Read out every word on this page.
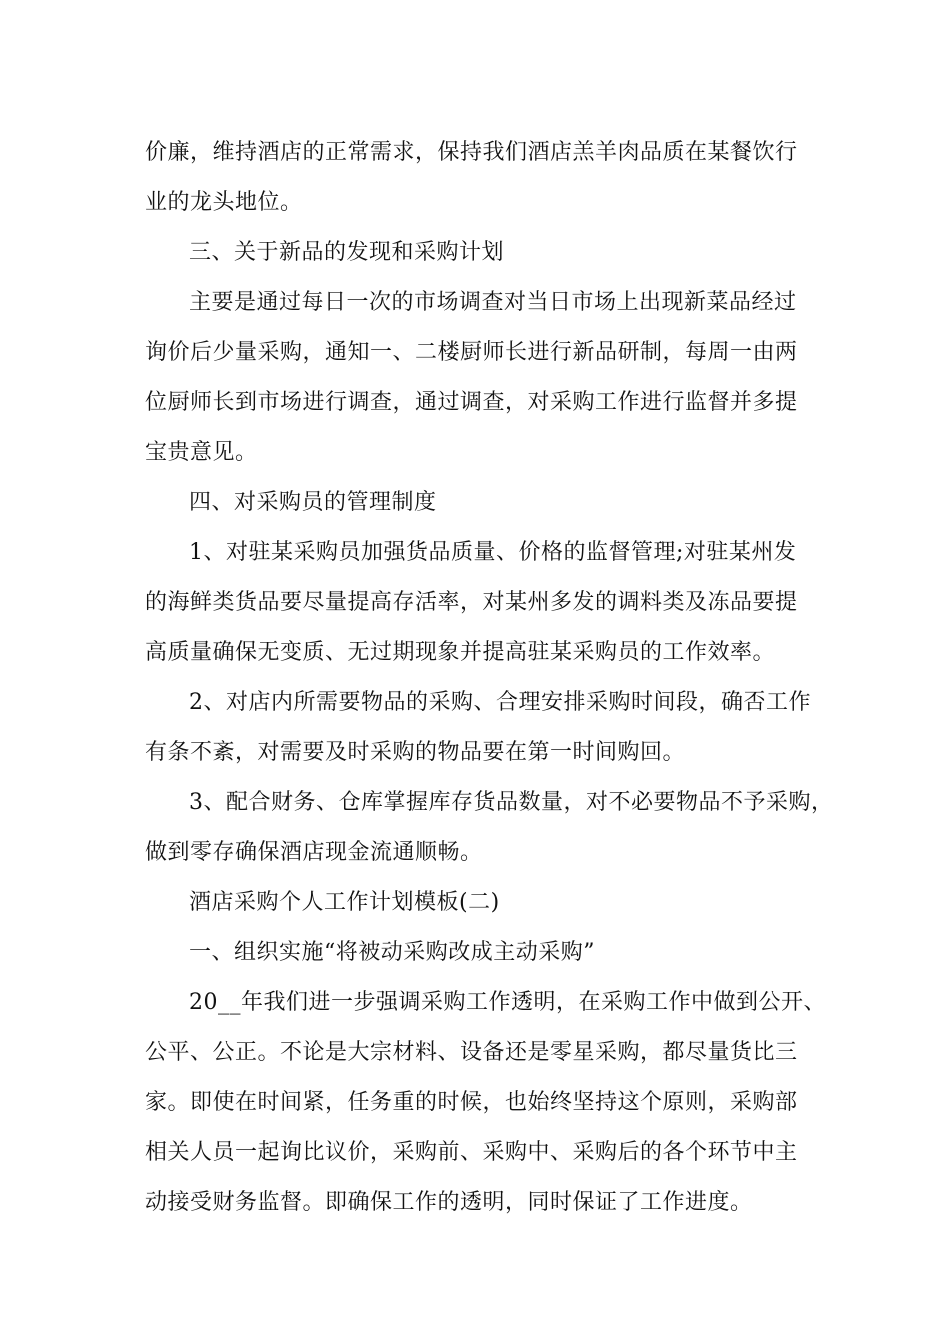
价廉，维持酒店的正常需求，保持我们酒店羔羊肉品质在某餐饮行
业的龙头地位。
三、关于新品的发现和采购计划
主要是通过每日一次的市场调查对当日市场上出现新菜品经过
询价后少量采购，通知一、二楼厨师长进行新品研制，每周一由两
位厨师长到市场进行调查，通过调查，对采购工作进行监督并多提
宝贵意见。
四、对采购员的管理制度
1、对驻某采购员加强货品质量、价格的监督管理;对驻某州发
的海鲜类货品要尽量提高存活率，对某州多发的调料类及冻品要提
高质量确保无变质、无过期现象并提高驻某采购员的工作效率。
2、对店内所需要物品的采购、合理安排采购时间段，确否工作
有条不紊，对需要及时采购的物品要在第一时间购回。
3、配合财务、仓库掌握库存货品数量，对不必要物品不予采购，
做到零存确保酒店现金流通顺畅。
酒店采购个人工作计划模板(二)
一、组织实施“将被动采购改成主动采购”
20__年我们进一步强调采购工作透明，在采购工作中做到公开、
公平、公正。不论是大宗材料、设备还是零星采购，都尽量货比三
家。即使在时间紧，任务重的时候，也始终坚持这个原则，采购部
相关人员一起询比议价，采购前、采购中、采购后的各个环节中主
动接受财务监督。即确保工作的透明，同时保证了工作进度。
